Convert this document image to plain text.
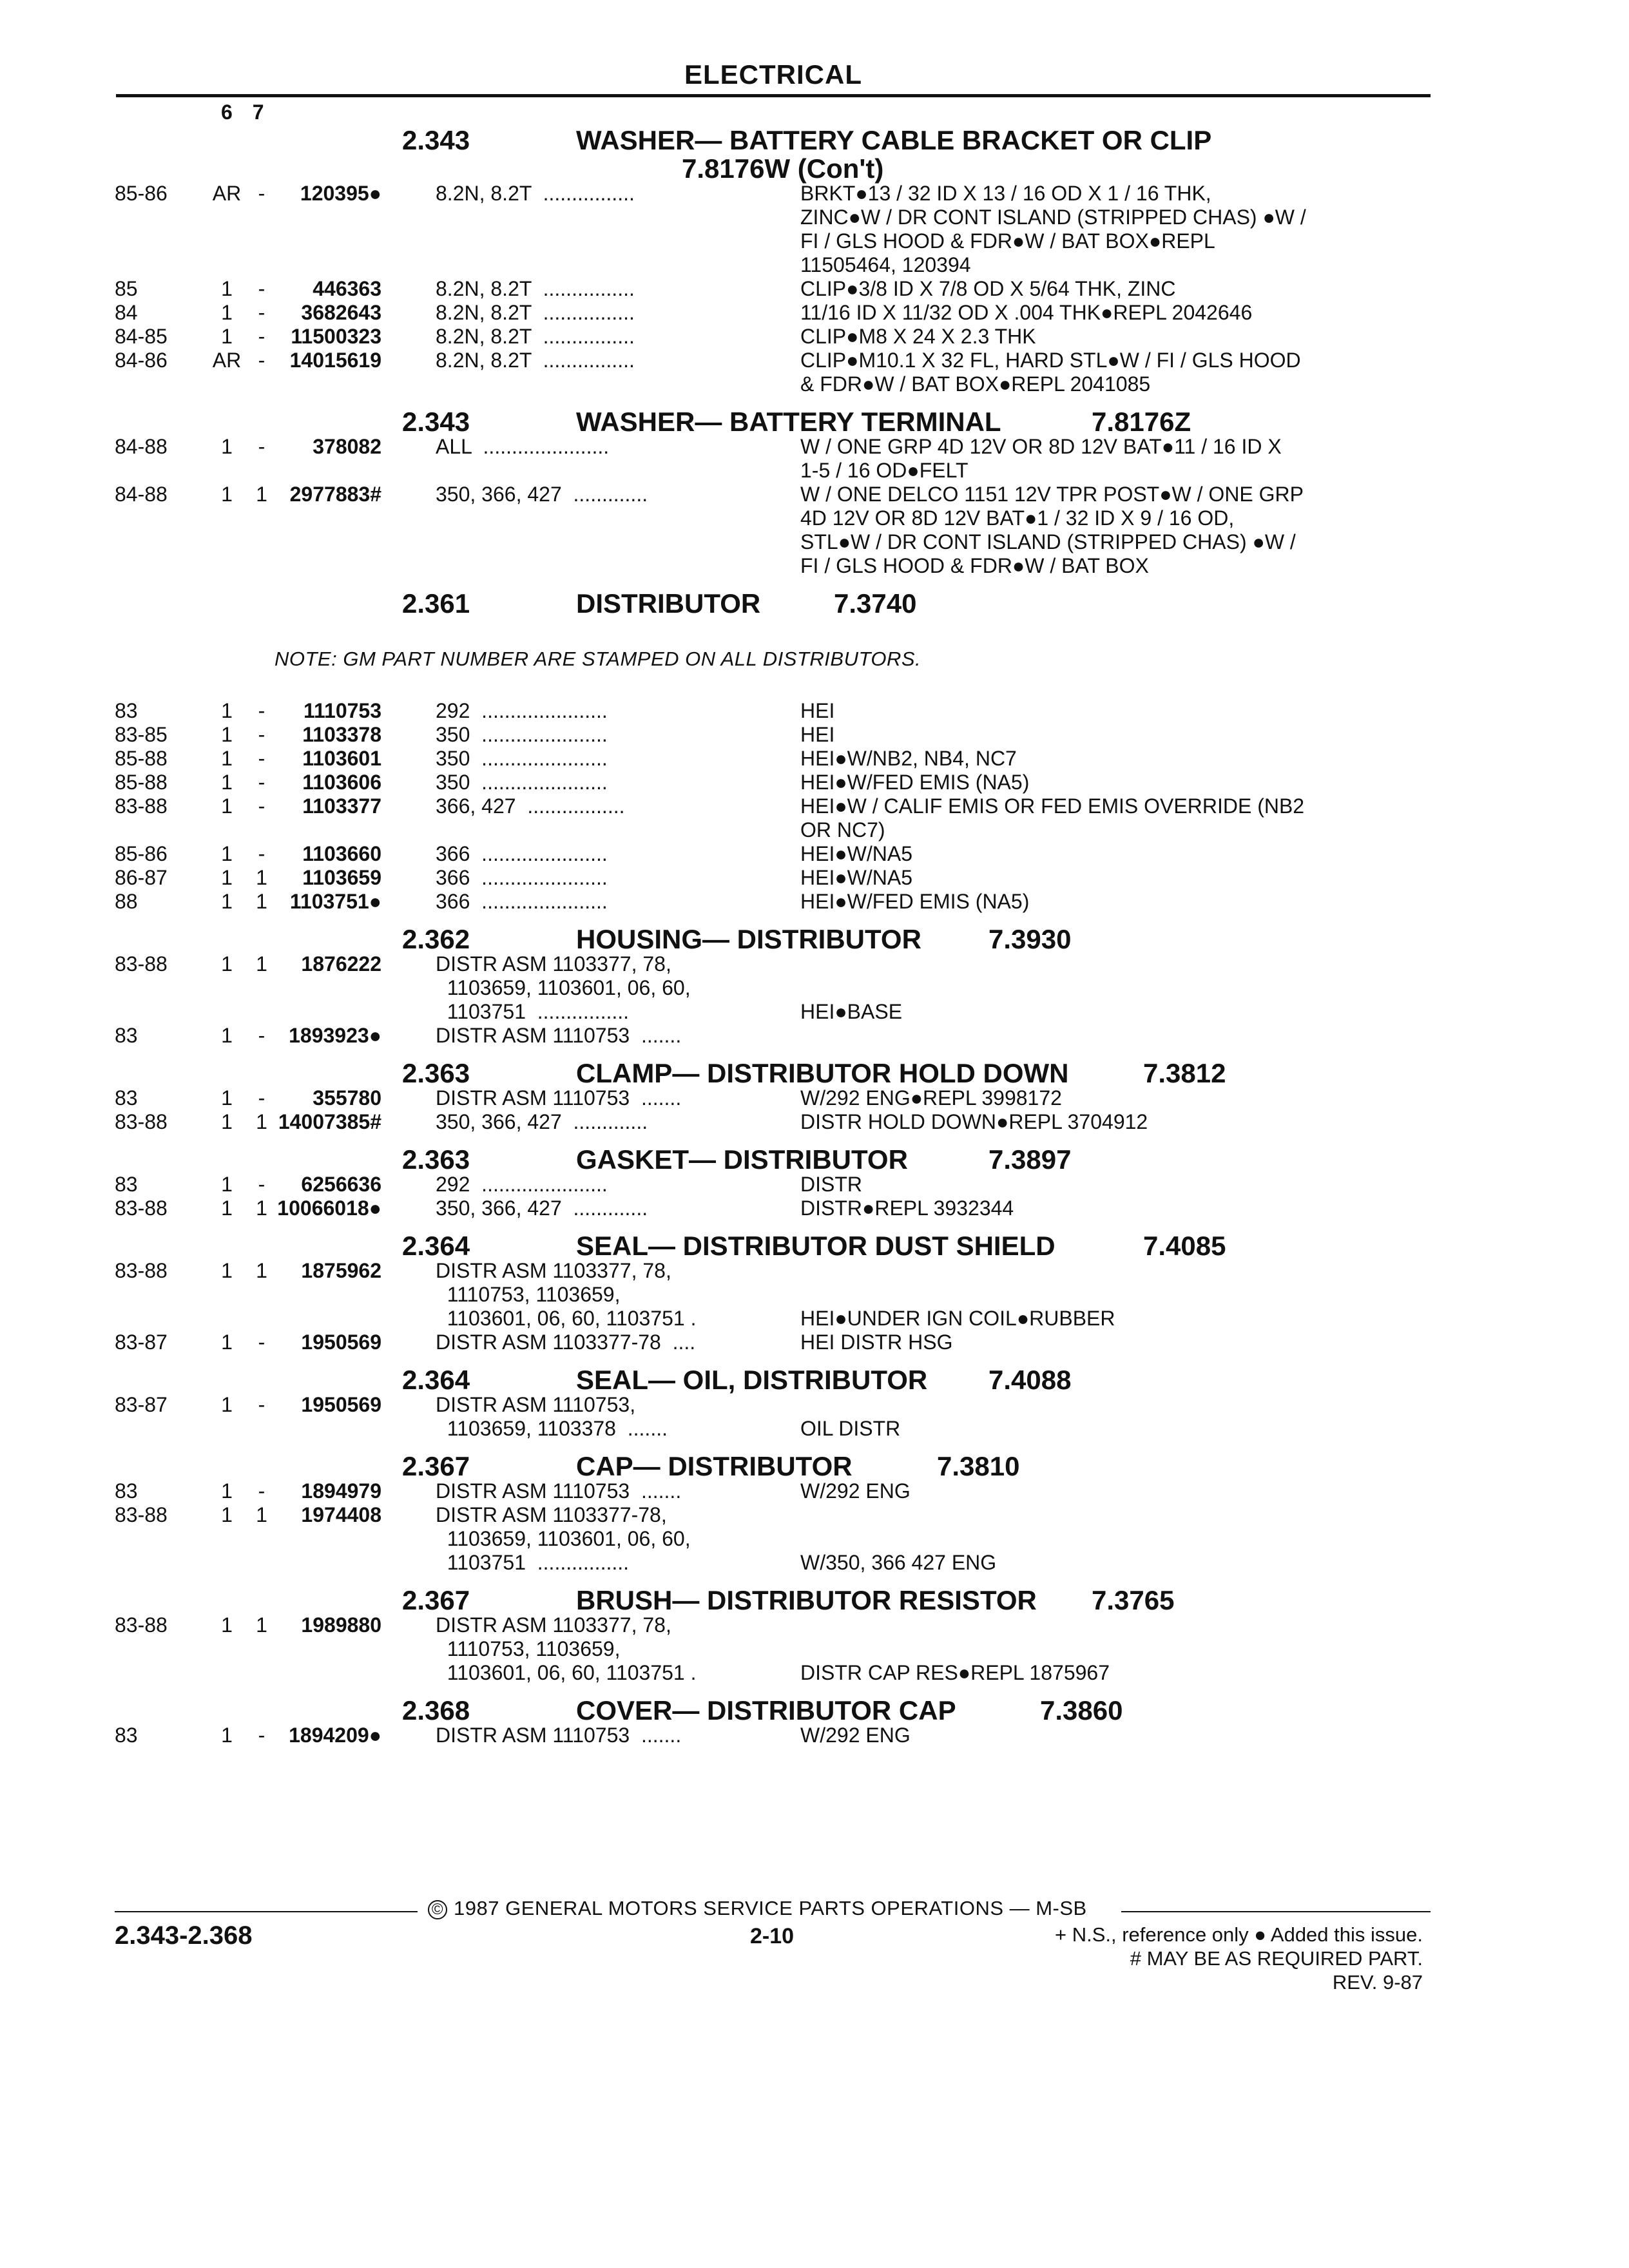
ELECTRICAL
6 7
2.343	WASHER— BATTERY CABLE BRACKET OR CLIP
7.8176W (Con't)
85-86	AR -	120395●	8.2N, 8.2T  ................	BRKT●13 / 32 ID X 13 / 16 OD X 1 / 16 THK,
ZINC●W / DR CONT ISLAND (STRIPPED CHAS) ●W /
FI / GLS HOOD & FDR●W / BAT BOX●REPL
11505464, 120394
85	1	-	446363	8.2N, 8.2T  ................	CLIP●3/8 ID X 7/8 OD X 5/64 THK, ZINC
84	1	-	3682643	8.2N, 8.2T  ................	11/16 ID X 11/32 OD X .004 THK●REPL 2042646
84-85	1	-	11500323	8.2N, 8.2T  ................	CLIP●M8 X 24 X 2.3 THK
84-86	AR -	14015619	8.2N, 8.2T  ................	CLIP●M10.1 X 32 FL, HARD STL●W / FI / GLS HOOD
& FDR●W / BAT BOX●REPL 2041085
2.343	WASHER— BATTERY TERMINAL	7.8176Z
84-88	1	-	378082	ALL  ......................	W / ONE GRP 4D 12V OR 8D 12V BAT●11 / 16 ID X
1-5 / 16 OD●FELT
84-88	1	1	2977883#	350, 366, 427  .............	W / ONE DELCO 1151 12V TPR POST●W / ONE GRP
4D 12V OR 8D 12V BAT●1 / 32 ID X 9 / 16 OD,
STL●W / DR CONT ISLAND (STRIPPED CHAS) ●W /
FI / GLS HOOD & FDR●W / BAT BOX
2.361	DISTRIBUTOR	7.3740
NOTE: GM PART NUMBER ARE STAMPED ON ALL DISTRIBUTORS.
83	1	-	1110753	292  ......................	HEI
83-85	1	-	1103378	350  ......................	HEI
85-88	1	-	1103601	350  ......................	HEI●W/NB2, NB4, NC7
85-88	1	-	1103606	350  ......................	HEI●W/FED EMIS (NA5)
83-88	1	-	1103377	366, 427  .................	HEI●W / CALIF EMIS OR FED EMIS OVERRIDE (NB2
OR NC7)
85-86	1	-	1103660	366  ......................	HEI●W/NA5
86-87	1	1	1103659	366  ......................	HEI●W/NA5
88	1	1	1103751●	366  ......................	HEI●W/FED EMIS (NA5)
2.362	HOUSING— DISTRIBUTOR 7.3930
83-88	1	1	1876222	DISTR ASM 1103377, 78,
1103659, 1103601, 06, 60,
1103751  ................

	HEI●BASE
83	1	-	1893923●	DISTR ASM 1110753  .......

2.363	CLAMP— DISTRIBUTOR HOLD DOWN	7.3812
83	1	-	355780	DISTR ASM 1110753  .......	W/292 ENG●REPL 3998172
83-88	1	1 14007385#	350, 366, 427  .............	DISTR HOLD DOWN●REPL 3704912
2.363	GASKET— DISTRIBUTOR	7.3897
83	1	-	6256636	292  ......................	DISTR
83-88	1	1 10066018●	350, 366, 427  .............	DISTR●REPL 3932344
2.364	SEAL— DISTRIBUTOR DUST SHIELD	7.4085
83-88	1	1	1875962	DISTR ASM 1103377, 78,
1110753, 1103659,
1103601, 06, 60, 1103751 .

	HEI●UNDER IGN COIL●RUBBER
83-87	1	-	1950569	DISTR ASM 1103377-78  ....	HEI DISTR HSG
2.364	SEAL— OIL, DISTRIBUTOR 7.4088
83-87	1	-	1950569	DISTR ASM 1110753,
1103659, 1103378  .......
	OIL DISTR
2.367	CAP— DISTRIBUTOR	7.3810
83	1	-	1894979	DISTR ASM 1110753  .......	W/292 ENG
83-88	1	1	1974408	DISTR ASM 1103377-78,
1103659, 1103601, 06, 60,
1103751  ................

	W/350, 366 427 ENG
2.367	BRUSH— DISTRIBUTOR RESISTOR 7.3765
83-88	1	1	1989880	DISTR ASM 1103377, 78,
1110753, 1103659,
1103601, 06, 60, 1103751 .

	DISTR CAP RES●REPL 1875967
2.368	COVER— DISTRIBUTOR CAP	7.3860
83	1	-	1894209●	DISTR ASM 1110753  .......	W/292 ENG
© 1987 GENERAL MOTORS SERVICE PARTS OPERATIONS — M-SB
2.343-2.368	2-10	+ N.S., reference only ● Added this issue.
# MAY BE AS REQUIRED PART.
REV. 9-87
